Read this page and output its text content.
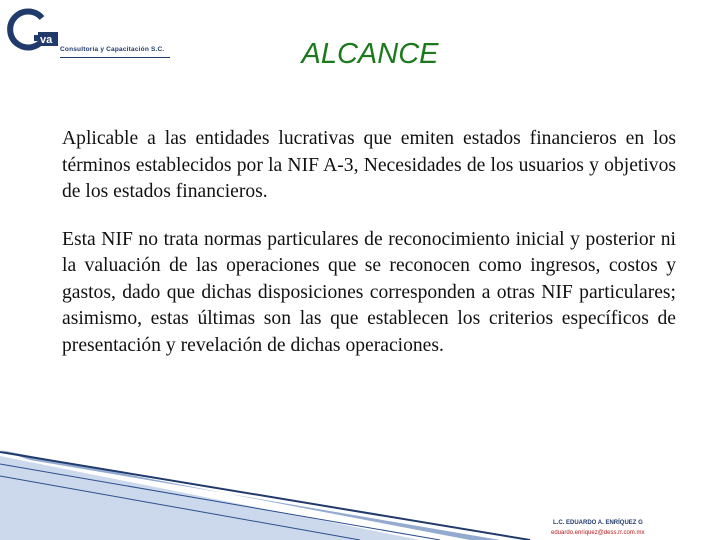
va
Consultoría y Capacitación S.C.	ALCANCE

Aplicable a las entidades lucrativas que emiten estados financieros en los términos establecidos por la NIF A-3, Necesidades de los usuarios y objetivos de los estados financieros.

Esta NIF no trata normas particulares de reconocimiento inicial y posterior ni la valuación de las operaciones que se reconocen como ingresos, costos y gastos, dado que dichas disposiciones corresponden a otras NIF particulares; asimismo, estas últimas son las que establecen los criterios específicos de presentación y revelación de dichas operaciones.

L.C. EDUARDO A. ENRÍQUEZ G
eduardo.enriquez@dess.rr.com.mx
